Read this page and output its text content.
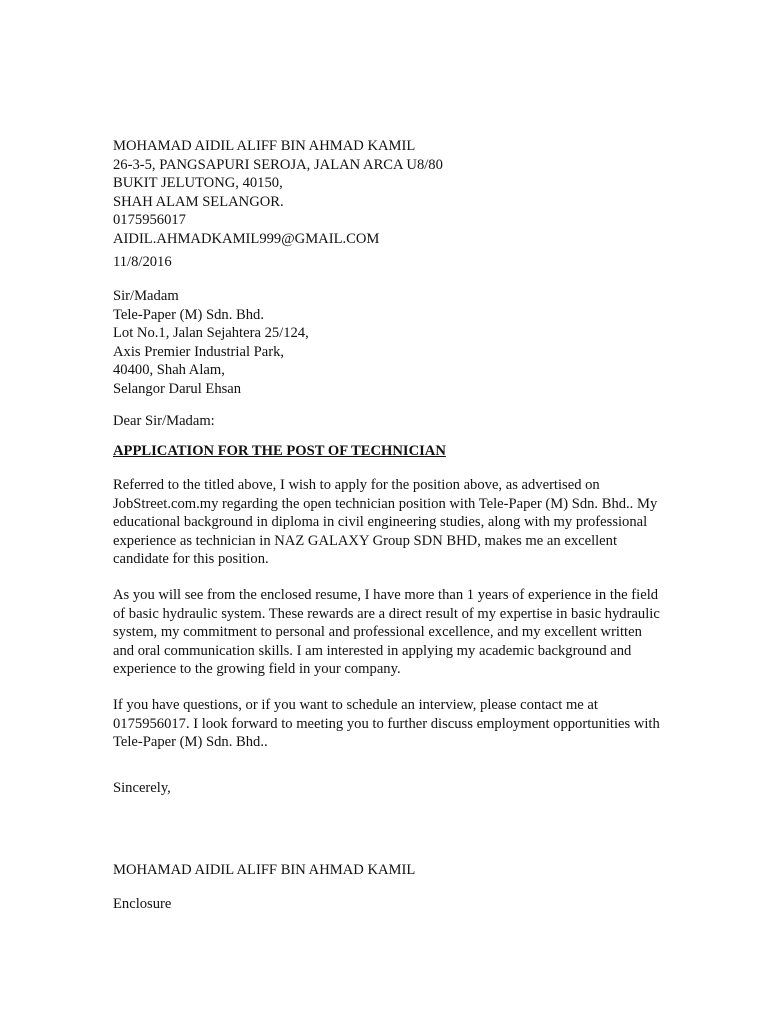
MOHAMAD AIDIL ALIFF BIN AHMAD KAMIL
26-3-5, PANGSAPURI SEROJA, JALAN ARCA U8/80
BUKIT JELUTONG, 40150,
SHAH ALAM SELANGOR.
0175956017
AIDIL.AHMADKAMIL999@GMAIL.COM
11/8/2016
Sir/Madam
Tele-Paper (M) Sdn. Bhd.
Lot No.1, Jalan Sejahtera 25/124,
Axis Premier Industrial Park,
40400, Shah Alam,
Selangor Darul Ehsan
Dear Sir/Madam:
APPLICATION FOR THE POST OF TECHNICIAN
Referred to the titled above, I wish to apply for the position above, as advertised on
JobStreet.com.my regarding the open technician position with Tele-Paper (M) Sdn. Bhd.. My
educational background in diploma in civil engineering studies, along with my professional
experience as technician in NAZ GALAXY Group SDN BHD, makes me an excellent
candidate for this position.
As you will see from the enclosed resume, I have more than 1 years of experience in the field
of basic hydraulic system. These rewards are a direct result of my expertise in basic hydraulic
system, my commitment to personal and professional excellence, and my excellent written
and oral communication skills. I am interested in applying my academic background and
experience to the growing field in your company.
If you have questions, or if you want to schedule an interview, please contact me at
0175956017. I look forward to meeting you to further discuss employment opportunities with
Tele-Paper (M) Sdn. Bhd..
Sincerely,
MOHAMAD AIDIL ALIFF BIN AHMAD KAMIL
Enclosure
